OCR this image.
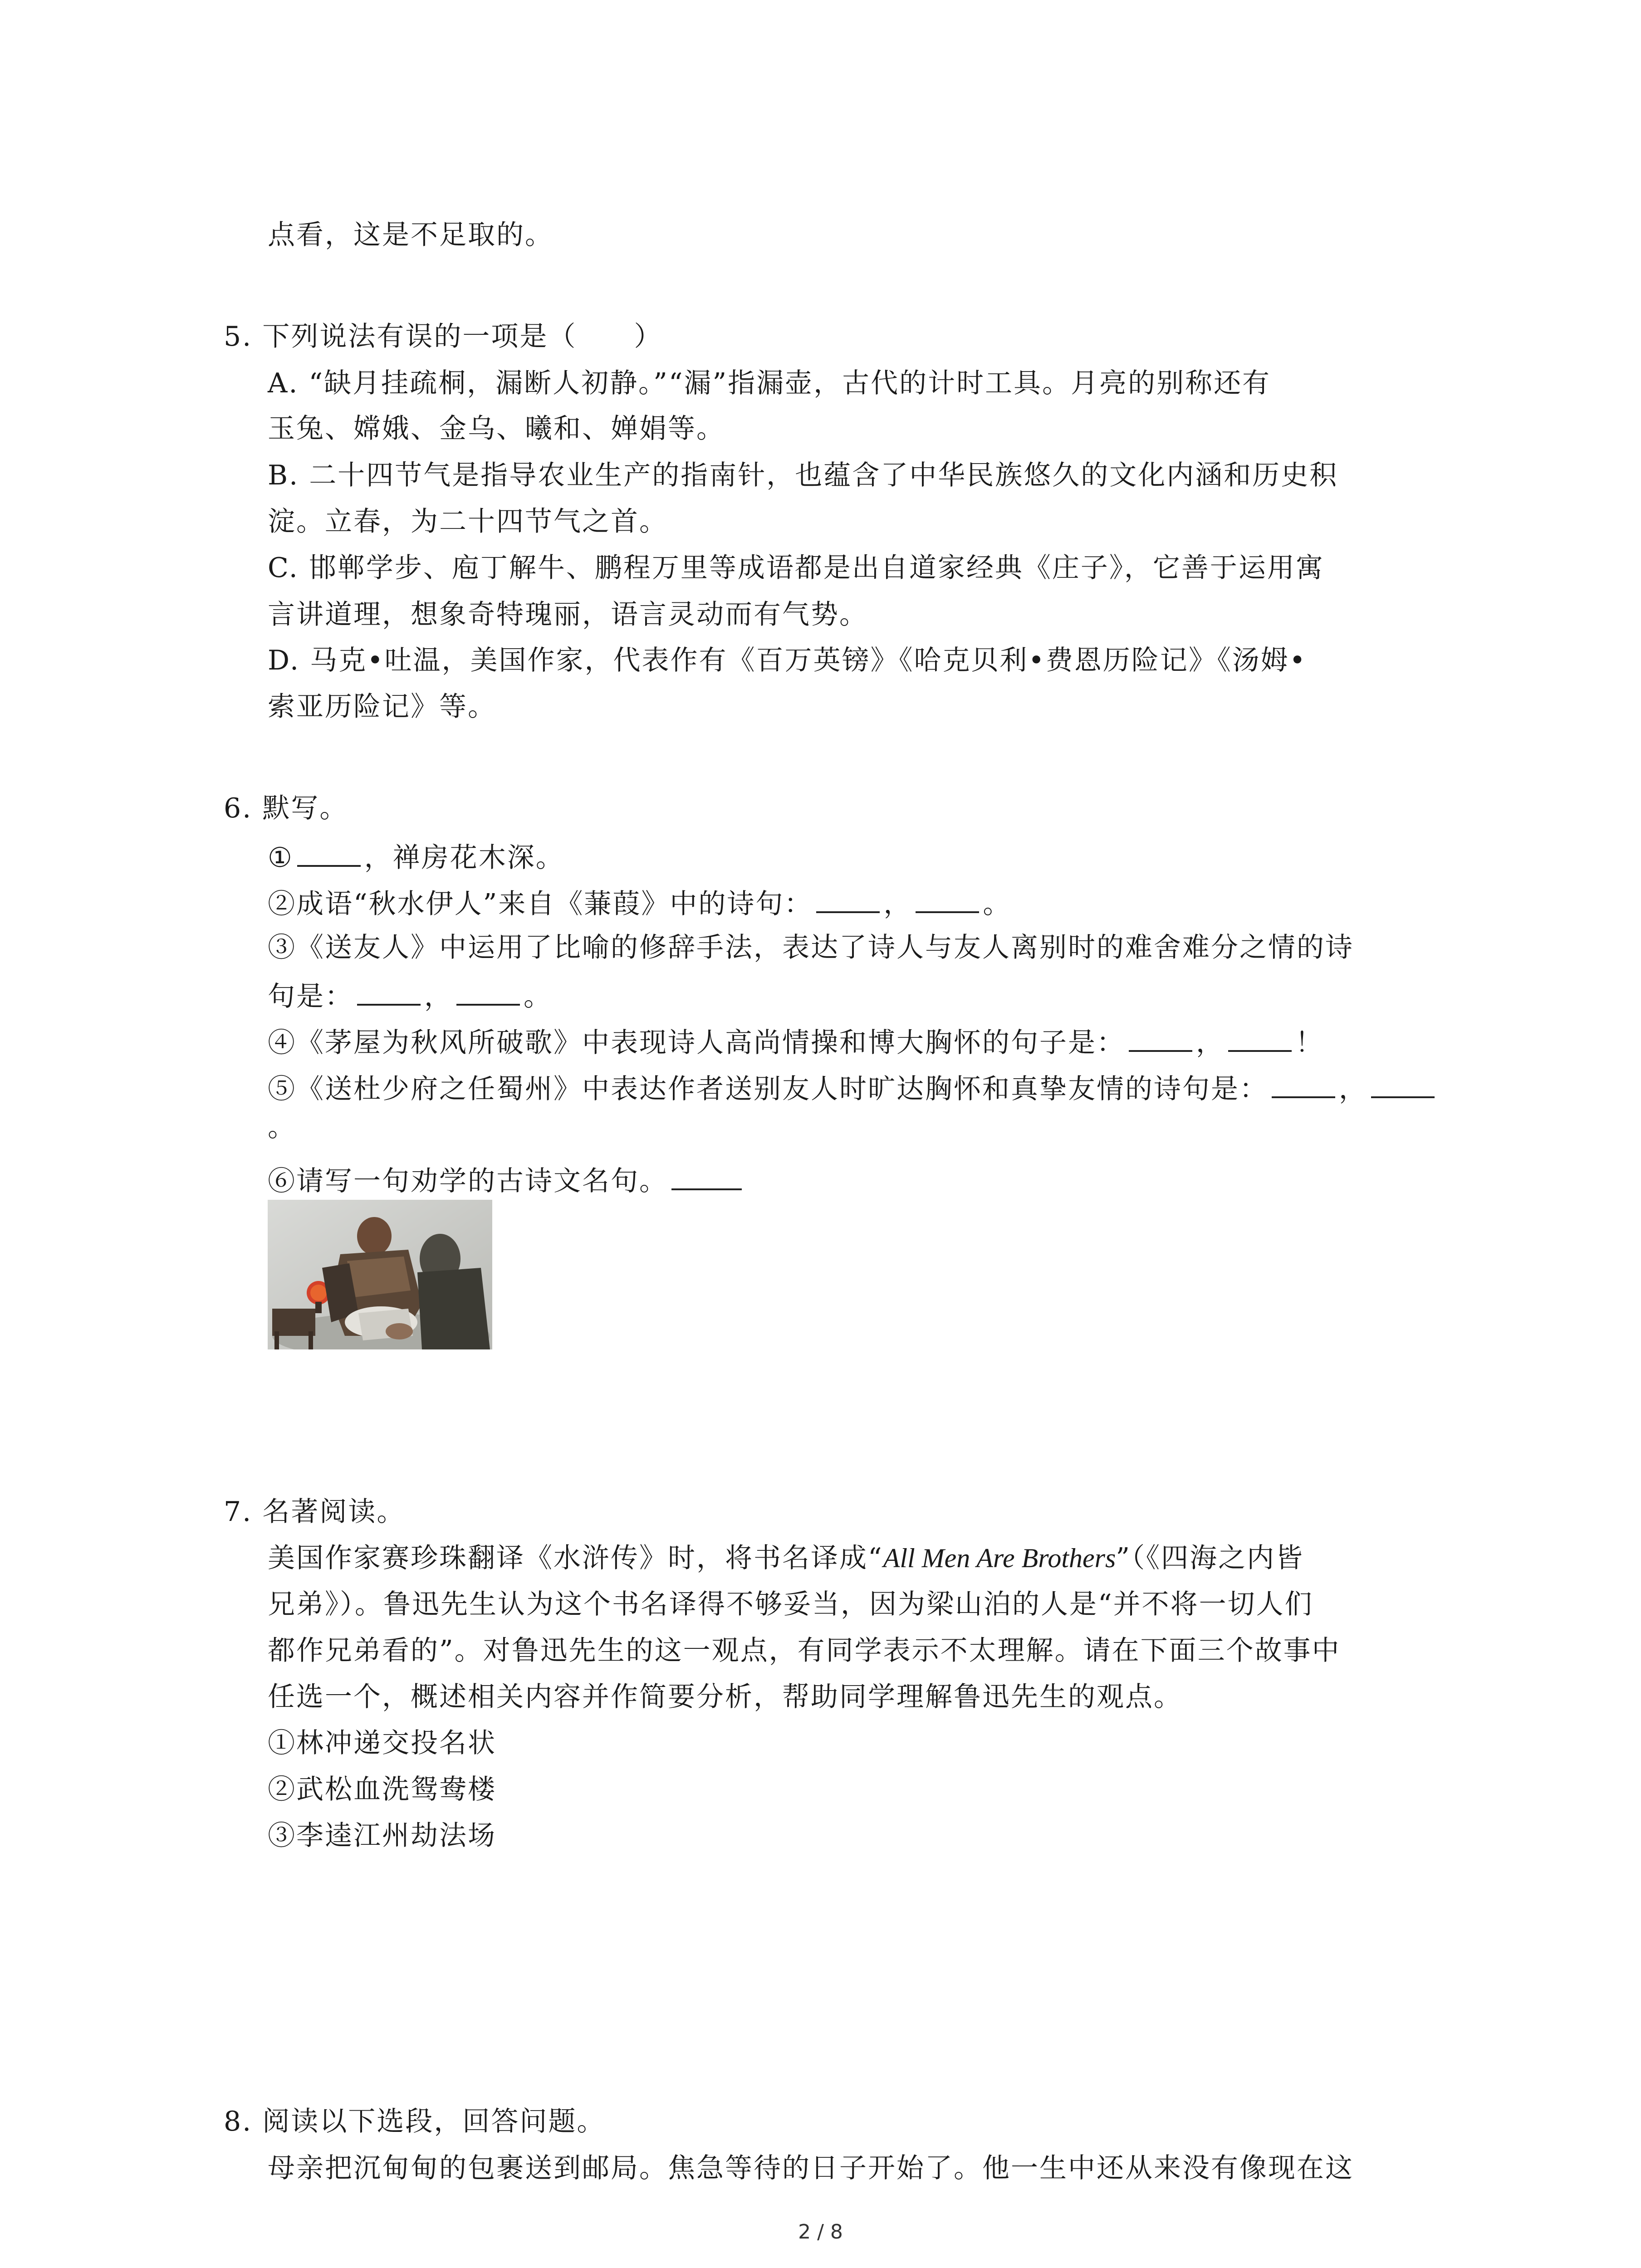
点看，这是不足取的。
5. 下列说法有误的一项是（　　）
A. “缺月挂疏桐，漏断人初静。”“漏”指漏壶，古代的计时工具。月亮的别称还有
玉兔、嫦娥、金乌、曦和、婵娟等。
B. 二十四节气是指导农业生产的指南针，也蕴含了中华民族悠久的文化内涵和历史积
淀。立春，为二十四节气之首。
C. 邯郸学步、庖丁解牛、鹏程万里等成语都是出自道家经典《庄子》，它善于运用寓
言讲道理，想象奇特瑰丽，语言灵动而有气势。
D. 马克•吐温，美国作家，代表作有《百万英镑》《哈克贝利•费恩历险记》《汤姆•
索亚历险记》等。
6. 默写。
①	，禅房花木深。
②成语“秋水伊人”来自《蒹葭》中的诗句：	，	。
③《送友人》中运用了比喻的修辞手法，表达了诗人与友人离别时的难舍难分之情的诗
句是：	，	。
④《茅屋为秋风所破歌》中表现诗人高尚情操和博大胸怀的句子是：	，	！
⑤《送杜少府之任蜀州》中表达作者送别友人时旷达胸怀和真挚友情的诗句是：	，
。
⑥请写一句劝学的古诗文名句。
7. 名著阅读。
美国作家赛珍珠翻译《水浒传》时，将书名译成“All Men Are Brothers”（《四海之内皆
兄弟》）。鲁迅先生认为这个书名译得不够妥当，因为梁山泊的人是“并不将一切人们
都作兄弟看的”。对鲁迅先生的这一观点，有同学表示不太理解。请在下面三个故事中
任选一个，概述相关内容并作简要分析，帮助同学理解鲁迅先生的观点。
①林冲递交投名状
②武松血洗鸳鸯楼
③李逵江州劫法场
8. 阅读以下选段，回答问题。
母亲把沉甸甸的包裹送到邮局。焦急等待的日子开始了。他一生中还从来没有像现在这
2 / 8
